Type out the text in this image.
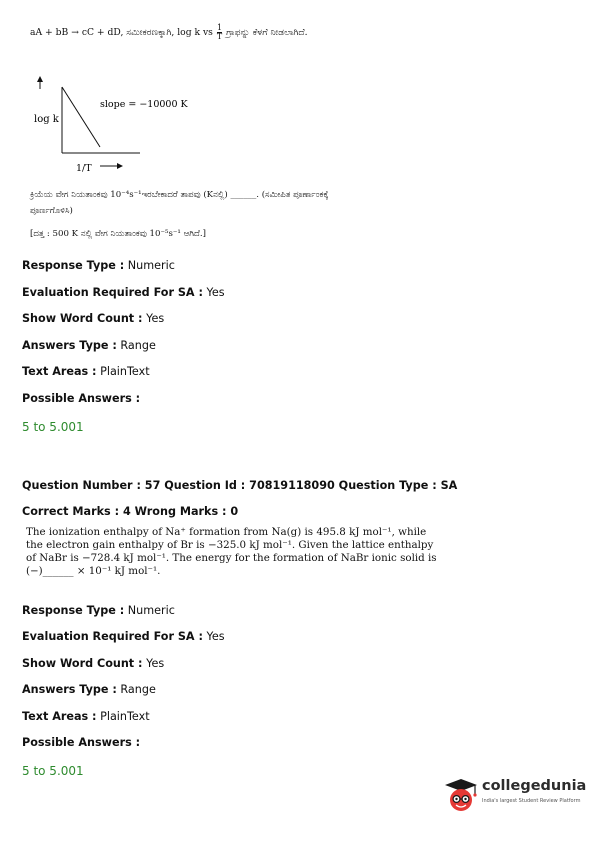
aA + bB → cC + dD, ಸಮೀಕರಣಕ್ಕಾಗಿ, log k vs $\frac{1}{T}$ ಗ್ರಾಫನ್ನು ಕೆಳಗೆ ನೀಡಲಾಗಿದೆ.
log k
slope = −10000 K
1/T
ಕ್ರಿಯೆಯ ವೇಗ ನಿಯತಾಂಕವು 10⁻⁴s⁻¹ಇರಬೇಕಾದರೆ ತಾಪವು (Kನಲ್ಲಿ) ______. (ಸಮೀಪಿತ ಪೂರ್ಣಾಂಕಕ್ಕೆ
ಪೂರ್ಣಗೊಳಿಸಿ)
[ದತ್ತ : 500 K ನಲ್ಲಿ ವೇಗ ನಿಯತಾಂಕವು 10⁻⁵s⁻¹ ಆಗಿದೆ.]
Response Type : Numeric
Evaluation Required For SA : Yes
Show Word Count : Yes
Answers Type : Range
Text Areas : PlainText
Possible Answers :
5 to 5.001
Question Number : 57 Question Id : 70819118090 Question Type : SA
Correct Marks : 4 Wrong Marks : 0
The ionization enthalpy of Na⁺ formation from Na(g) is 495.8 kJ mol⁻¹, while
the electron gain enthalpy of Br is −325.0 kJ mol⁻¹. Given the lattice enthalpy
of NaBr is −728.4 kJ mol⁻¹. The energy for the formation of NaBr ionic solid is
(−)______ × 10⁻¹ kJ mol⁻¹.
Response Type : Numeric
Evaluation Required For SA : Yes
Show Word Count : Yes
Answers Type : Range
Text Areas : PlainText
Possible Answers :
5 to 5.001
collegedunia
India's largest Student Review Platform
